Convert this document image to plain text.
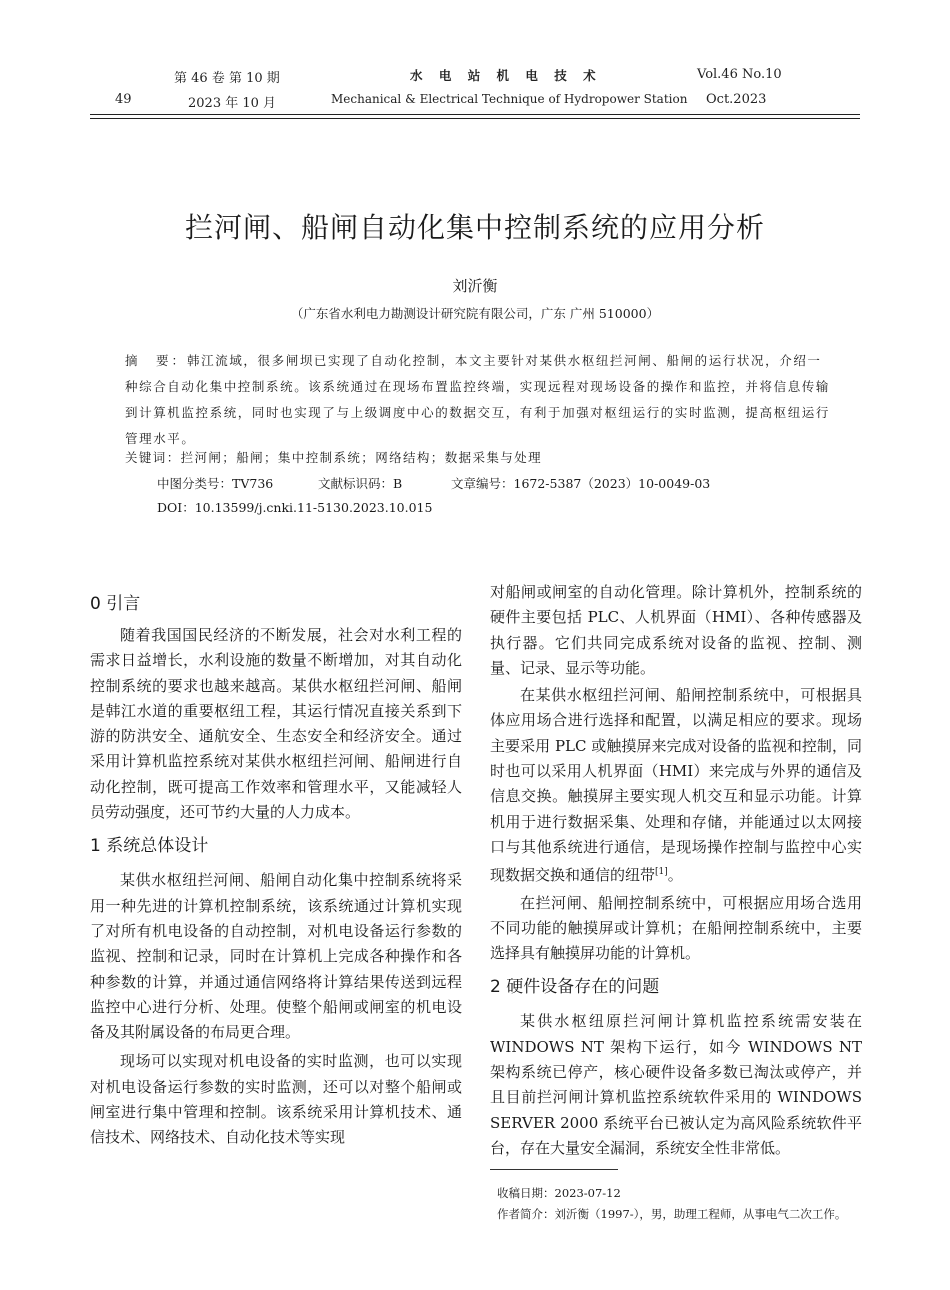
49
第 46 卷 第 10 期
2023 年 10 月
水 电 站 机 电 技 术
Mechanical & Electrical Technique of Hydropower Station
Vol.46 No.10
Oct.2023
拦河闸、船闸自动化集中控制系统的应用分析
刘沂衡
（广东省水利电力勘测设计研究院有限公司，广东 广州 510000）
摘　要：韩江流域，很多闸坝已实现了自动化控制，本文主要针对某供水枢纽拦河闸、船闸的运行状况，介绍一种综合自动化集中控制系统。该系统通过在现场布置监控终端，实现远程对现场设备的操作和监控，并将信息传输到计算机监控系统，同时也实现了与上级调度中心的数据交互，有利于加强对枢纽运行的实时监测，提高枢纽运行管理水平。
关键词：拦河闸；船闸；集中控制系统；网络结构；数据采集与处理
中图分类号：TV736	文献标识码：B	文章编号：1672-5387（2023）10-0049-03
DOI：10.13599/j.cnki.11-5130.2023.10.015
0 引言

随着我国国民经济的不断发展，社会对水利工程的需求日益增长，水利设施的数量不断增加，对其自动化控制系统的要求也越来越高。某供水枢纽拦河闸、船闸是韩江水道的重要枢纽工程，其运行情况直接关系到下游的防洪安全、通航安全、生态安全和经济安全。通过采用计算机监控系统对某供水枢纽拦河闸、船闸进行自动化控制，既可提高工作效率和管理水平，又能减轻人员劳动强度，还可节约大量的人力成本。

1 系统总体设计

某供水枢纽拦河闸、船闸自动化集中控制系统将采用一种先进的计算机控制系统，该系统通过计算机实现了对所有机电设备的自动控制，对机电设备运行参数的监视、控制和记录，同时在计算机上完成各种操作和各种参数的计算，并通过通信网络将计算结果传送到远程监控中心进行分析、处理。使整个船闸或闸室的机电设备及其附属设备的布局更合理。

现场可以实现对机电设备的实时监测，也可以实现对机电设备运行参数的实时监测，还可以对整个船闸或闸室进行集中管理和控制。该系统采用计算机技术、通信技术、网络技术、自动化技术等实现

对船闸或闸室的自动化管理。除计算机外，控制系统的硬件主要包括 PLC、人机界面（HMI）、各种传感器及执行器。它们共同完成系统对设备的监视、控制、测量、记录、显示等功能。

在某供水枢纽拦河闸、船闸控制系统中，可根据具体应用场合进行选择和配置，以满足相应的要求。现场主要采用 PLC 或触摸屏来完成对设备的监视和控制，同时也可以采用人机界面（HMI）来完成与外界的通信及信息交换。触摸屏主要实现人机交互和显示功能。计算机用于进行数据采集、处理和存储，并能通过以太网接口与其他系统进行通信，是现场操作控制与监控中心实现数据交换和通信的纽带[1]。

在拦河闸、船闸控制系统中，可根据应用场合选用不同功能的触摸屏或计算机；在船闸控制系统中，主要选择具有触摸屏功能的计算机。

2 硬件设备存在的问题

某供水枢纽原拦河闸计算机监控系统需安装在 WINDOWS NT 架构下运行，如今 WINDOWS NT 架构系统已停产，核心硬件设备多数已淘汰或停产，并且目前拦河闸计算机监控系统软件采用的 WINDOWS SERVER 2000 系统平台已被认定为高风险系统软件平台，存在大量安全漏洞，系统安全性非常低。

收稿日期：2023-07-12
作者简介：刘沂衡（1997-），男，助理工程师，从事电气二次工作。
